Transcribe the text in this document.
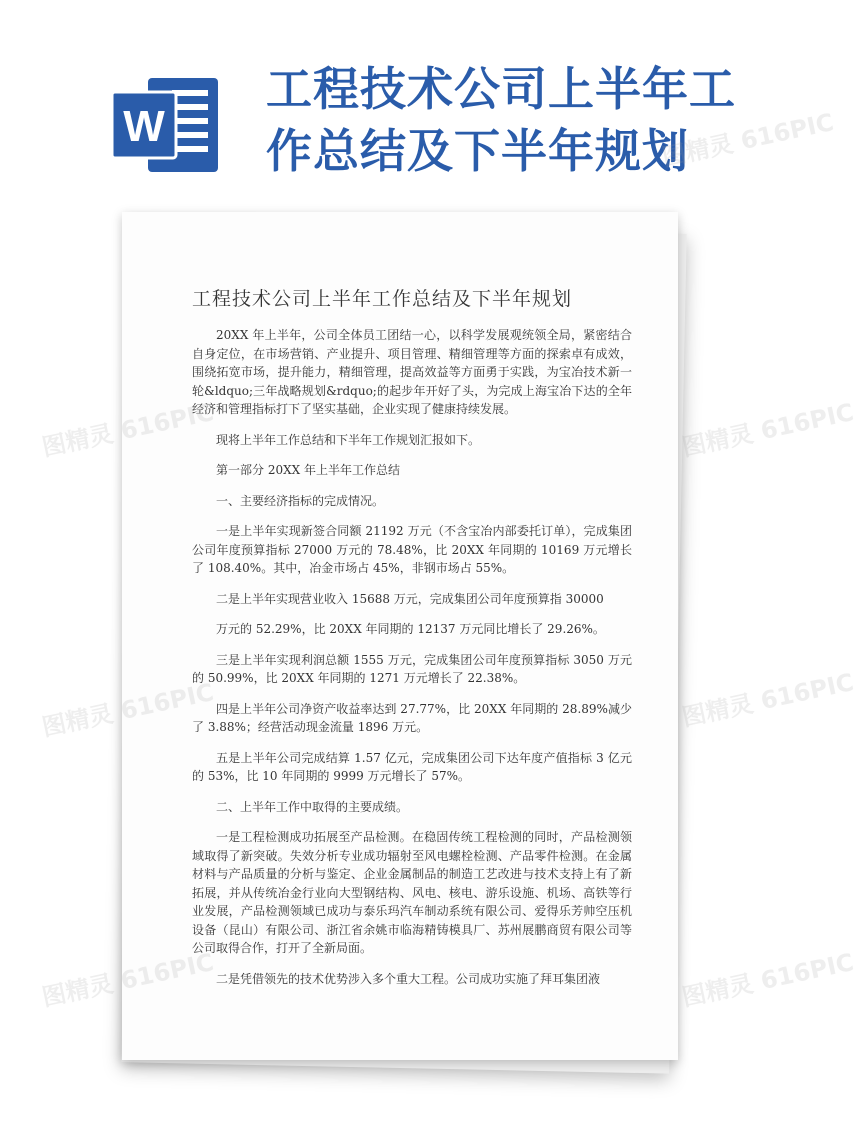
W
工程技术公司上半年工
作总结及下半年规划
工程技术公司上半年工作总结及下半年规划

20XX 年上半年，公司全体员工团结一心，以科学发展观统领全局，紧密结合自身定位，在市场营销、产业提升、项目管理、精细管理等方面的探索卓有成效，围绕拓宽市场，提升能力，精细管理，提高效益等方面勇于实践，为宝冶技术新一轮&ldquo;三年战略规划&rdquo;的起步年开好了头，为完成上海宝冶下达的全年经济和管理指标打下了坚实基础，企业实现了健康持续发展。

现将上半年工作总结和下半年工作规划汇报如下。

第一部分 20XX 年上半年工作总结

一、主要经济指标的完成情况。

一是上半年实现新签合同额 21192 万元（不含宝冶内部委托订单），完成集团公司年度预算指标 27000 万元的 78.48%，比 20XX 年同期的 10169 万元增长了 108.40%。其中，冶金市场占 45%，非钢市场占 55%。

二是上半年实现营业收入 15688 万元，完成集团公司年度预算指 30000

万元的 52.29%，比 20XX 年同期的 12137 万元同比增长了 29.26%。

三是上半年实现利润总额 1555 万元，完成集团公司年度预算指标 3050 万元的 50.99%，比 20XX 年同期的 1271 万元增长了 22.38%。

四是上半年公司净资产收益率达到 27.77%，比 20XX 年同期的 28.89%减少了 3.88%；经营活动现金流量 1896 万元。

五是上半年公司完成结算 1.57 亿元，完成集团公司下达年度产值指标 3 亿元的 53%，比 10 年同期的 9999 万元增长了 57%。

二、上半年工作中取得的主要成绩。

一是工程检测成功拓展至产品检测。在稳固传统工程检测的同时，产品检测领域取得了新突破。失效分析专业成功辐射至风电螺栓检测、产品零件检测。在金属材料与产品质量的分析与鉴定、企业金属制品的制造工艺改进与技术支持上有了新拓展，并从传统冶金行业向大型钢结构、风电、核电、游乐设施、机场、高铁等行业发展，产品检测领域已成功与泰乐玛汽车制动系统有限公司、爱得乐芳帅空压机设备（昆山）有限公司、浙江省余姚市临海精铸模具厂、苏州展鹏商贸有限公司等公司取得合作，打开了全新局面。

二是凭借领先的技术优势涉入多个重大工程。公司成功实施了拜耳集团液

图精灵 616PIC
图精灵	图精灵 616PIC
图精灵	图精灵 616PIC
图精灵	图精灵 616PIC
